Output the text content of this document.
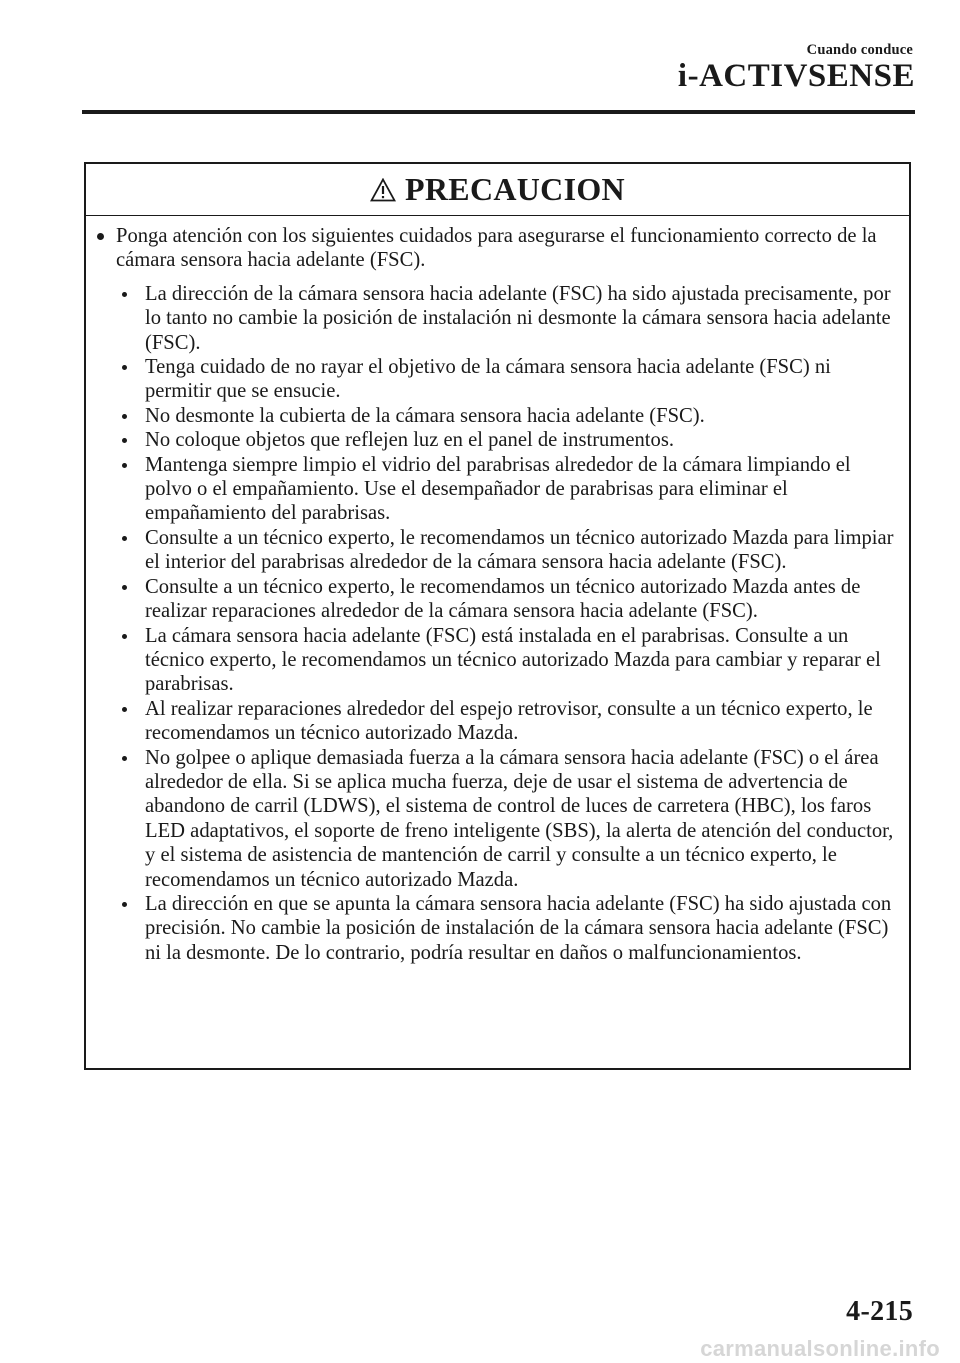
Cuando conduce
i-ACTIVSENSE
PRECAUCION
Ponga atención con los siguientes cuidados para asegurarse el funcionamiento correcto de la cámara sensora hacia adelante (FSC).
La dirección de la cámara sensora hacia adelante (FSC) ha sido ajustada precisamente, por lo tanto no cambie la posición de instalación ni desmonte la cámara sensora hacia adelante (FSC).
Tenga cuidado de no rayar el objetivo de la cámara sensora hacia adelante (FSC) ni permitir que se ensucie.
No desmonte la cubierta de la cámara sensora hacia adelante (FSC).
No coloque objetos que reflejen luz en el panel de instrumentos.
Mantenga siempre limpio el vidrio del parabrisas alrededor de la cámara limpiando el polvo o el empañamiento. Use el desempañador de parabrisas para eliminar el empañamiento del parabrisas.
Consulte a un técnico experto, le recomendamos un técnico autorizado Mazda para limpiar el interior del parabrisas alrededor de la cámara sensora hacia adelante (FSC).
Consulte a un técnico experto, le recomendamos un técnico autorizado Mazda antes de realizar reparaciones alrededor de la cámara sensora hacia adelante (FSC).
La cámara sensora hacia adelante (FSC) está instalada en el parabrisas. Consulte a un técnico experto, le recomendamos un técnico autorizado Mazda para cambiar y reparar el parabrisas.
Al realizar reparaciones alrededor del espejo retrovisor, consulte a un técnico experto, le recomendamos un técnico autorizado Mazda.
No golpee o aplique demasiada fuerza a la cámara sensora hacia adelante (FSC) o el área alrededor de ella. Si se aplica mucha fuerza, deje de usar el sistema de advertencia de abandono de carril (LDWS), el sistema de control de luces de carretera (HBC), los faros LED adaptativos, el soporte de freno inteligente (SBS), la alerta de atención del conductor, y el sistema de asistencia de mantención de carril y consulte a un técnico experto, le recomendamos un técnico autorizado Mazda.
La dirección en que se apunta la cámara sensora hacia adelante (FSC) ha sido ajustada con precisión. No cambie la posición de instalación de la cámara sensora hacia adelante (FSC) ni la desmonte. De lo contrario, podría resultar en daños o malfuncionamientos.
4-215
carmanualsonline.info
